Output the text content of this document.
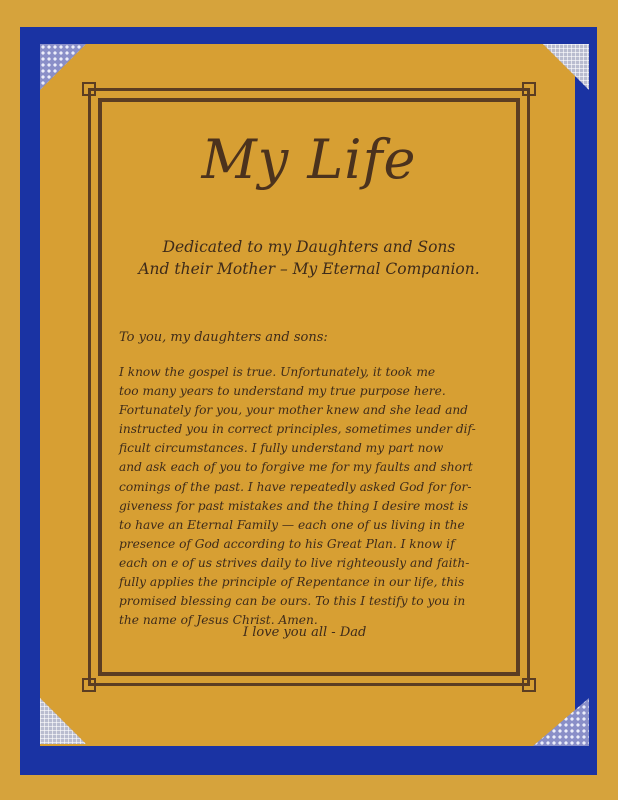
My Life
Dedicated to my Daughters and Sons
And their Mother – My Eternal Companion.
To you, my daughters and sons:
I know the gospel is true. Unfortunately, it took me
too many years to understand my true purpose here.
Fortunately for you, your mother knew and she lead and
instructed you in correct principles, sometimes under dif-
ficult circumstances. I fully understand my part now
and ask each of you to forgive me for my faults and short
comings of the past. I have repeatedly asked God for for-
giveness for past mistakes and the thing I desire most is
to have an Eternal Family — each one of us living in the
presence of God according to his Great Plan. I know if
each on e of us strives daily to live righteously and faith-
fully applies the principle of Repentance in our life, this
promised blessing can be ours. To this I testify to you in
the name of Jesus Christ. Amen.
I love you all - Dad
